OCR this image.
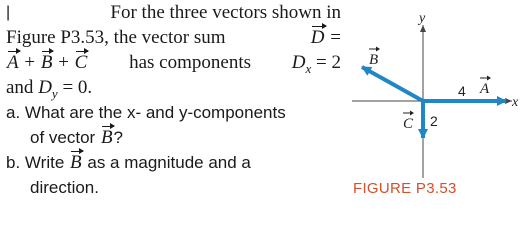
|	For the three vectors shown in
Figure P3.53, the vector sum	D =
A + B + C has components $D_x = 2$
and $D_y = 0$.
a. What are the x- and y-components
of vector B?
b. Write B as a magnitude and a
direction.
y
x
B
4 A
C 2
FIGURE P3.53
